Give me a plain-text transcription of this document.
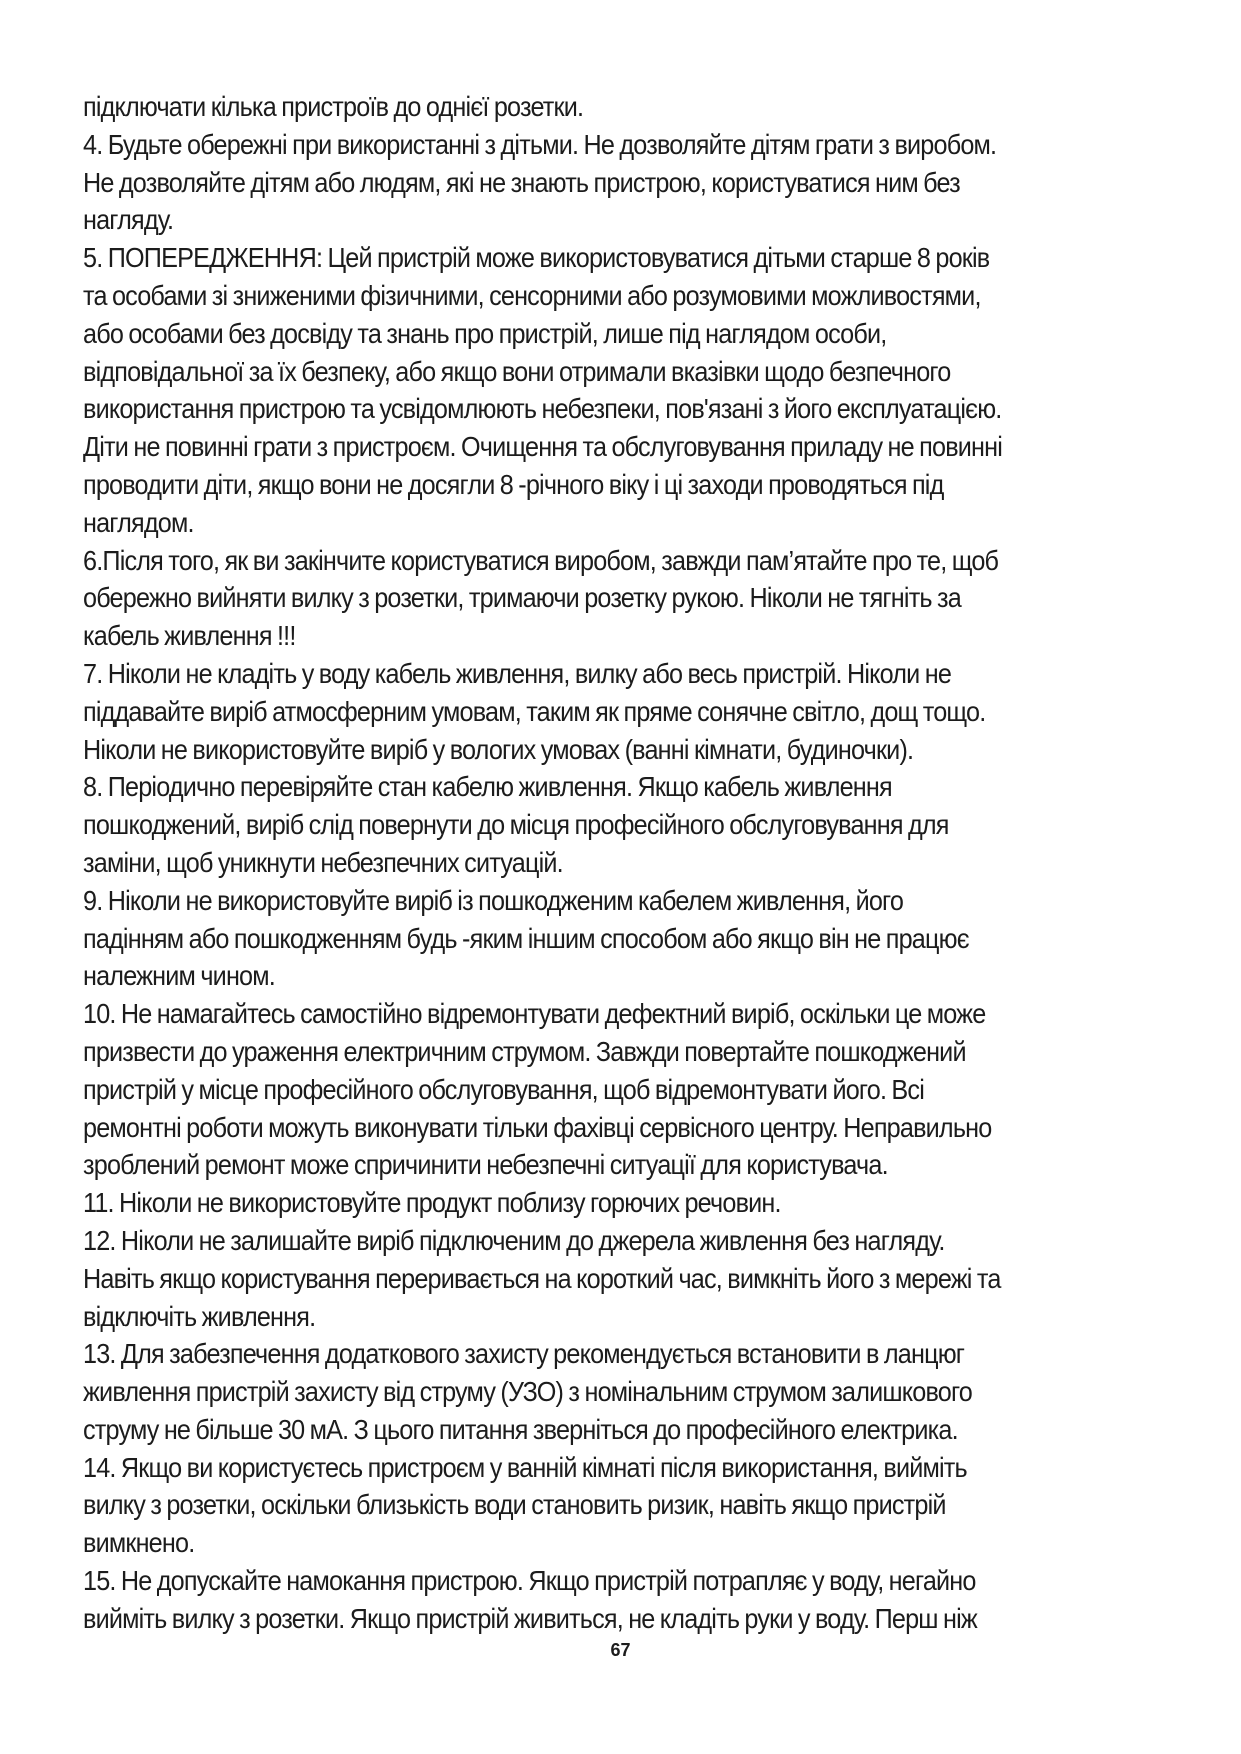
підключати кілька пристроїв до однієї розетки.
4. Будьте обережні при використанні з дітьми. Не дозволяйте дітям грати з виробом.
Не дозволяйте дітям або людям, які не знають пристрою, користуватися ним без
нагляду.
5. ПОПЕРЕДЖЕННЯ: Цей пристрій може використовуватися дітьми старше 8 років
та особами зі зниженими фізичними, сенсорними або розумовими можливостями,
або особами без досвіду та знань про пристрій, лише під наглядом особи,
відповідальної за їх безпеку, або якщо вони отримали вказівки щодо безпечного
використання пристрою та усвідомлюють небезпеки, пов'язані з його експлуатацією.
Діти не повинні грати з пристроєм. Очищення та обслуговування приладу не повинні
проводити діти, якщо вони не досягли 8 -річного віку і ці заходи проводяться під
наглядом.
6.Після того, як ви закінчите користуватися виробом, завжди пам’ятайте про те, щоб
обережно вийняти вилку з розетки, тримаючи розетку рукою. Ніколи не тягніть за
кабель живлення !!!
7. Ніколи не кладіть у воду кабель живлення, вилку або весь пристрій. Ніколи не
піддавайте виріб атмосферним умовам, таким як пряме сонячне світло, дощ тощо.
Ніколи не використовуйте виріб у вологих умовах (ванні кімнати, будиночки).
8. Періодично перевіряйте стан кабелю живлення. Якщо кабель живлення
пошкоджений, виріб слід повернути до місця професійного обслуговування для
заміни, щоб уникнути небезпечних ситуацій.
9. Ніколи не використовуйте виріб із пошкодженим кабелем живлення, його
падінням або пошкодженням будь -яким іншим способом або якщо він не працює
належним чином.
10. Не намагайтесь самостійно відремонтувати дефектний виріб, оскільки це може
призвести до ураження електричним струмом. Завжди повертайте пошкоджений
пристрій у місце професійного обслуговування, щоб відремонтувати його. Всі
ремонтні роботи можуть виконувати тільки фахівці сервісного центру. Неправильно
зроблений ремонт може спричинити небезпечні ситуації для користувача.
11. Ніколи не використовуйте продукт поблизу горючих речовин.
12. Ніколи не залишайте виріб підключеним до джерела живлення без нагляду.
Навіть якщо користування переривається на короткий час, вимкніть його з мережі та
відключіть живлення.
13. Для забезпечення додаткового захисту рекомендується встановити в ланцюг
живлення пристрій захисту від струму (УЗО) з номінальним струмом залишкового
струму не більше 30 мА. З цього питання зверніться до професійного електрика.
14. Якщо ви користуєтесь пристроєм у ванній кімнаті після використання, вийміть
вилку з розетки, оскільки близькість води становить ризик, навіть якщо пристрій
вимкнено.
15. Не допускайте намокання пристрою. Якщо пристрій потрапляє у воду, негайно
вийміть вилку з розетки. Якщо пристрій живиться, не кладіть руки у воду. Перш ніж
67
